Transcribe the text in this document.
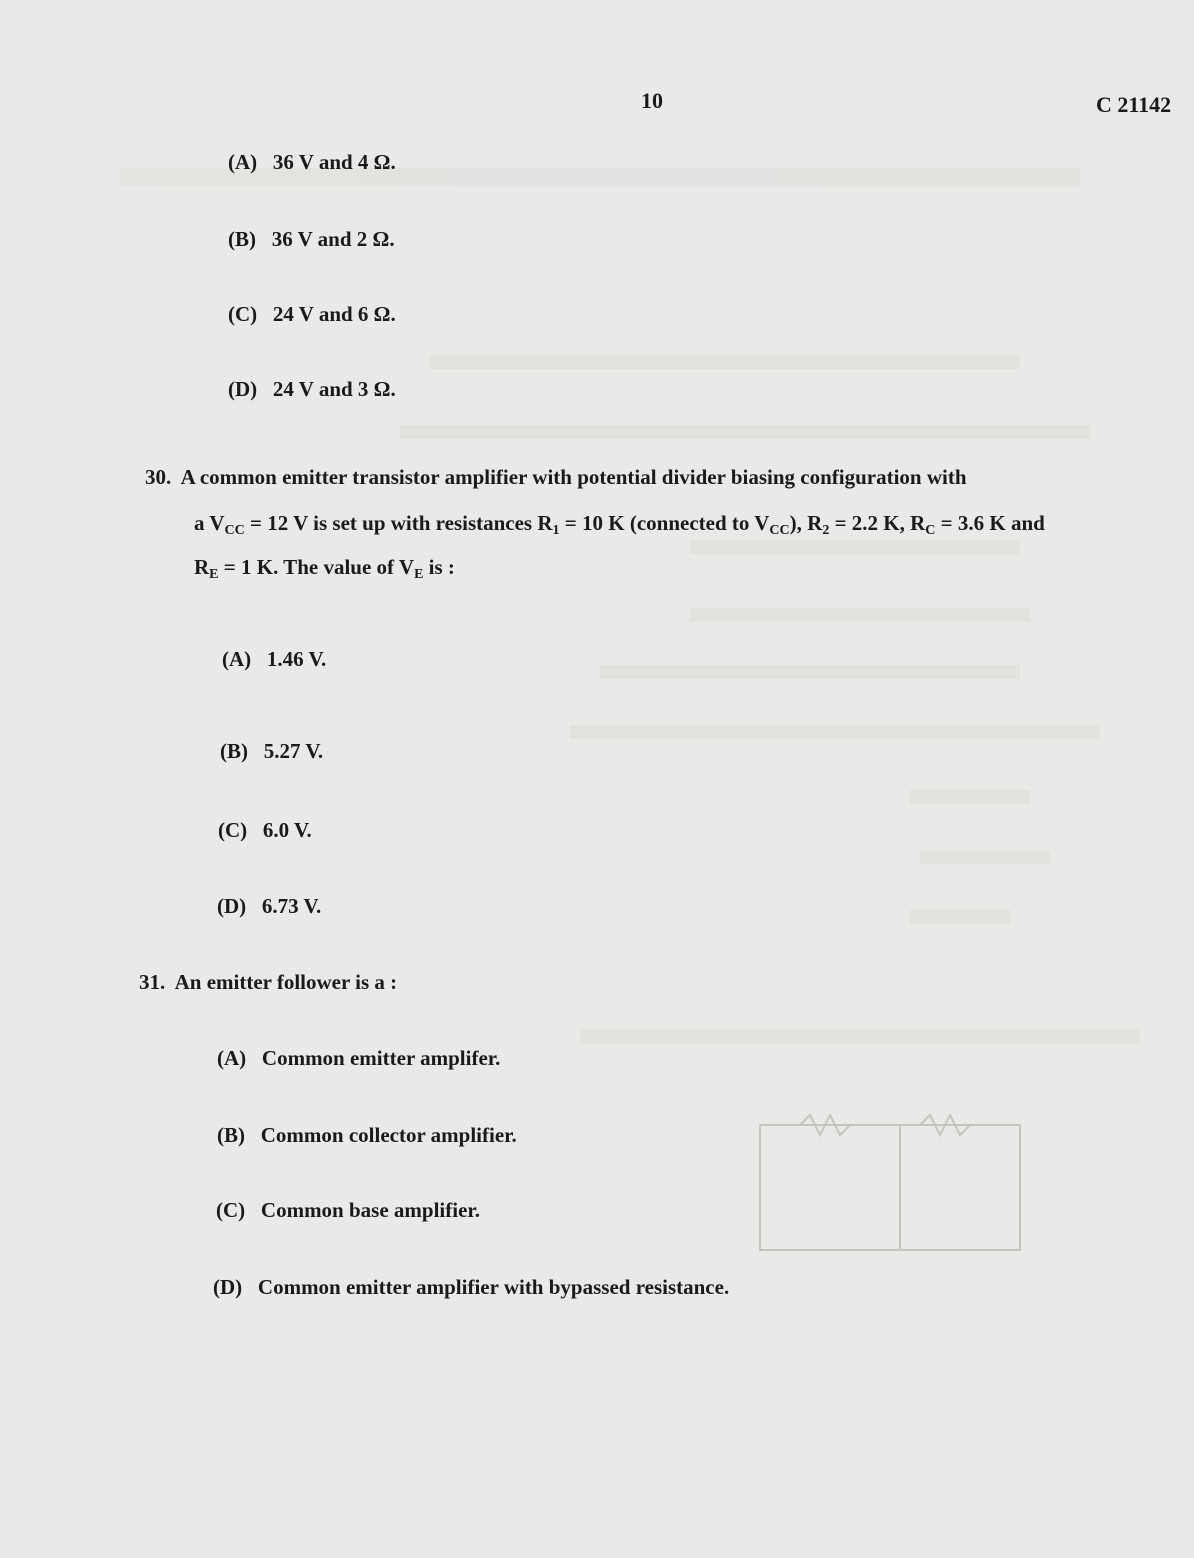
10	C 21142
(A) 36 V and 4 Ω.
(B) 36 V and 2 Ω.
(C) 24 V and 6 Ω.
(D) 24 V and 3 Ω.
30. A common emitter transistor amplifier with potential divider biasing configuration with
a $V_{CC} = 12$ V is set up with resistances $R_1 = 10$ K (connected to $V_{CC}$), $R_2 = 2.2$ K, $R_C = 3.6$ K and
$R_E = 1$ K. The value of $V_E$ is :
(A) 1.46 V.
(B) 5.27 V.
(C) 6.0 V.
(D) 6.73 V.
31. An emitter follower is a :
(A) Common emitter amplifer.
(B) Common collector amplifier.
(C) Common base amplifier.
(D) Common emitter amplifier with bypassed resistance.
